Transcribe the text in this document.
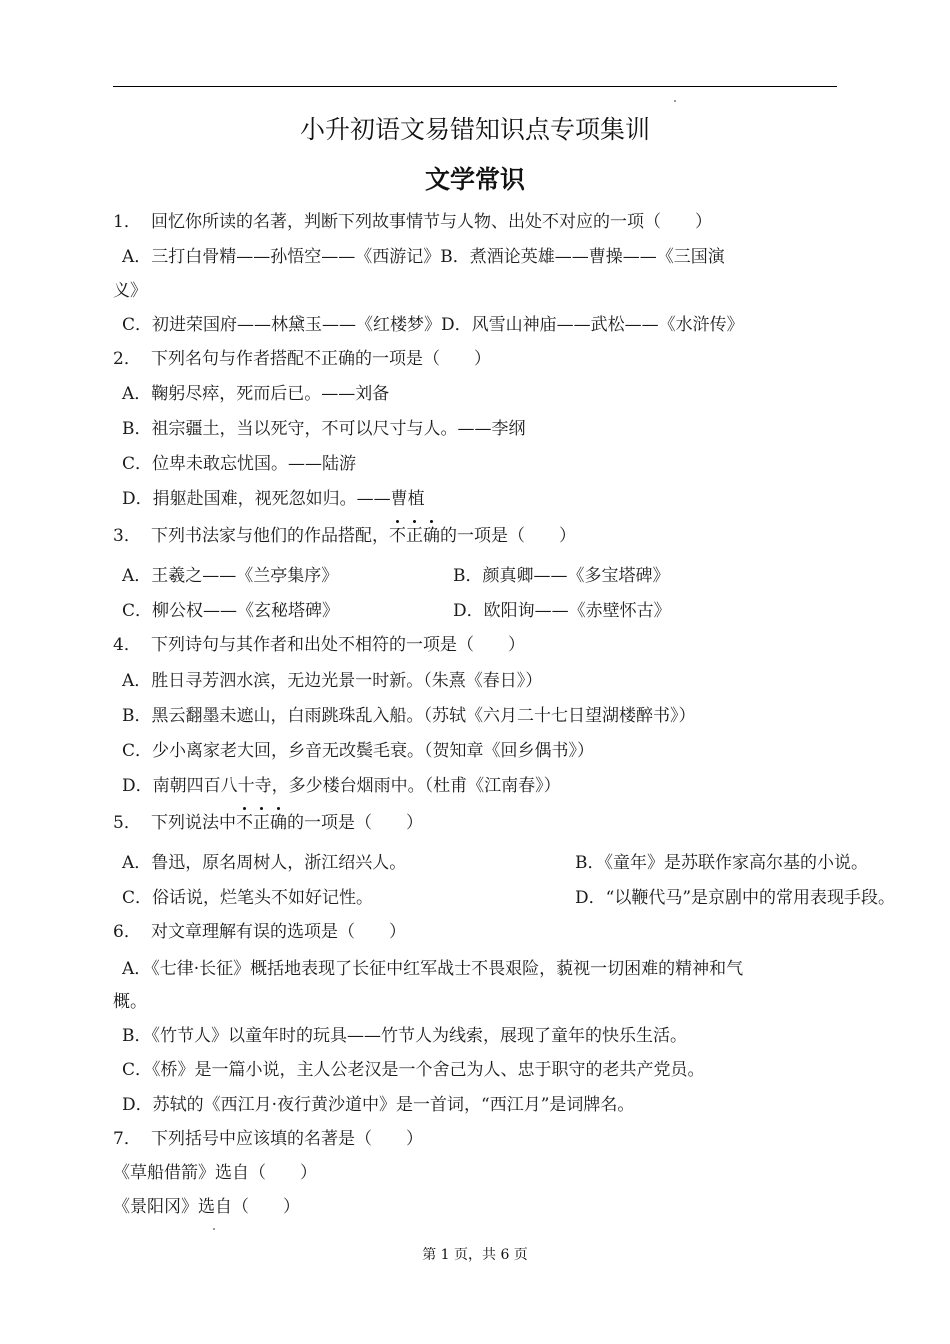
小升初语文易错知识点专项集训
文学常识
1． 回忆你所读的名著，判断下列故事情节与人物、出处不对应的一项（　　）
A．三打白骨精——孙悟空——《西游记》B．煮酒论英雄——曹操——《三国演
义》
C．初进荣国府——林黛玉——《红楼梦》D．风雪山神庙——武松——《水浒传》
2． 下列名句与作者搭配不正确的一项是（　　）
A．鞠躬尽瘁，死而后已。——刘备
B．祖宗疆土，当以死守，不可以尺寸与人。——李纲
C．位卑未敢忘忧国。——陆游
D．捐躯赴国难，视死忽如归。——曹植
3． 下列书法家与他们的作品搭配，不正确的一项是（　　）
A．王羲之——《兰亭集序》	B．颜真卿——《多宝塔碑》
C．柳公权——《玄秘塔碑》	D．欧阳询——《赤壁怀古》
4． 下列诗句与其作者和出处不相符的一项是（　　）
A．胜日寻芳泗水滨，无边光景一时新。（朱熹《春日》）
B．黑云翻墨未遮山，白雨跳珠乱入船。（苏轼《六月二十七日望湖楼醉书》）
C．少小离家老大回，乡音无改鬓毛衰。（贺知章《回乡偶书》）
D．南朝四百八十寺，多少楼台烟雨中。（杜甫《江南春》）
5． 下列说法中不正确的一项是（　　）
A．鲁迅，原名周树人，浙江绍兴人。	B．《童年》是苏联作家高尔基的小说。
C．俗话说，烂笔头不如好记性。	D．“以鞭代马”是京剧中的常用表现手段。
6． 对文章理解有误的选项是（　　）
A．《七律·长征》概括地表现了长征中红军战士不畏艰险，藐视一切困难的精神和气
概。
B．《竹节人》以童年时的玩具——竹节人为线索，展现了童年的快乐生活。
C．《桥》是一篇小说，主人公老汉是一个舍己为人、忠于职守的老共产党员。
D．苏轼的《西江月·夜行黄沙道中》是一首词，“西江月”是词牌名。
7． 下列括号中应该填的名著是（　　）
《草船借箭》选自（　　）
《景阳冈》选自（　　）
第 1 页，共 6 页
